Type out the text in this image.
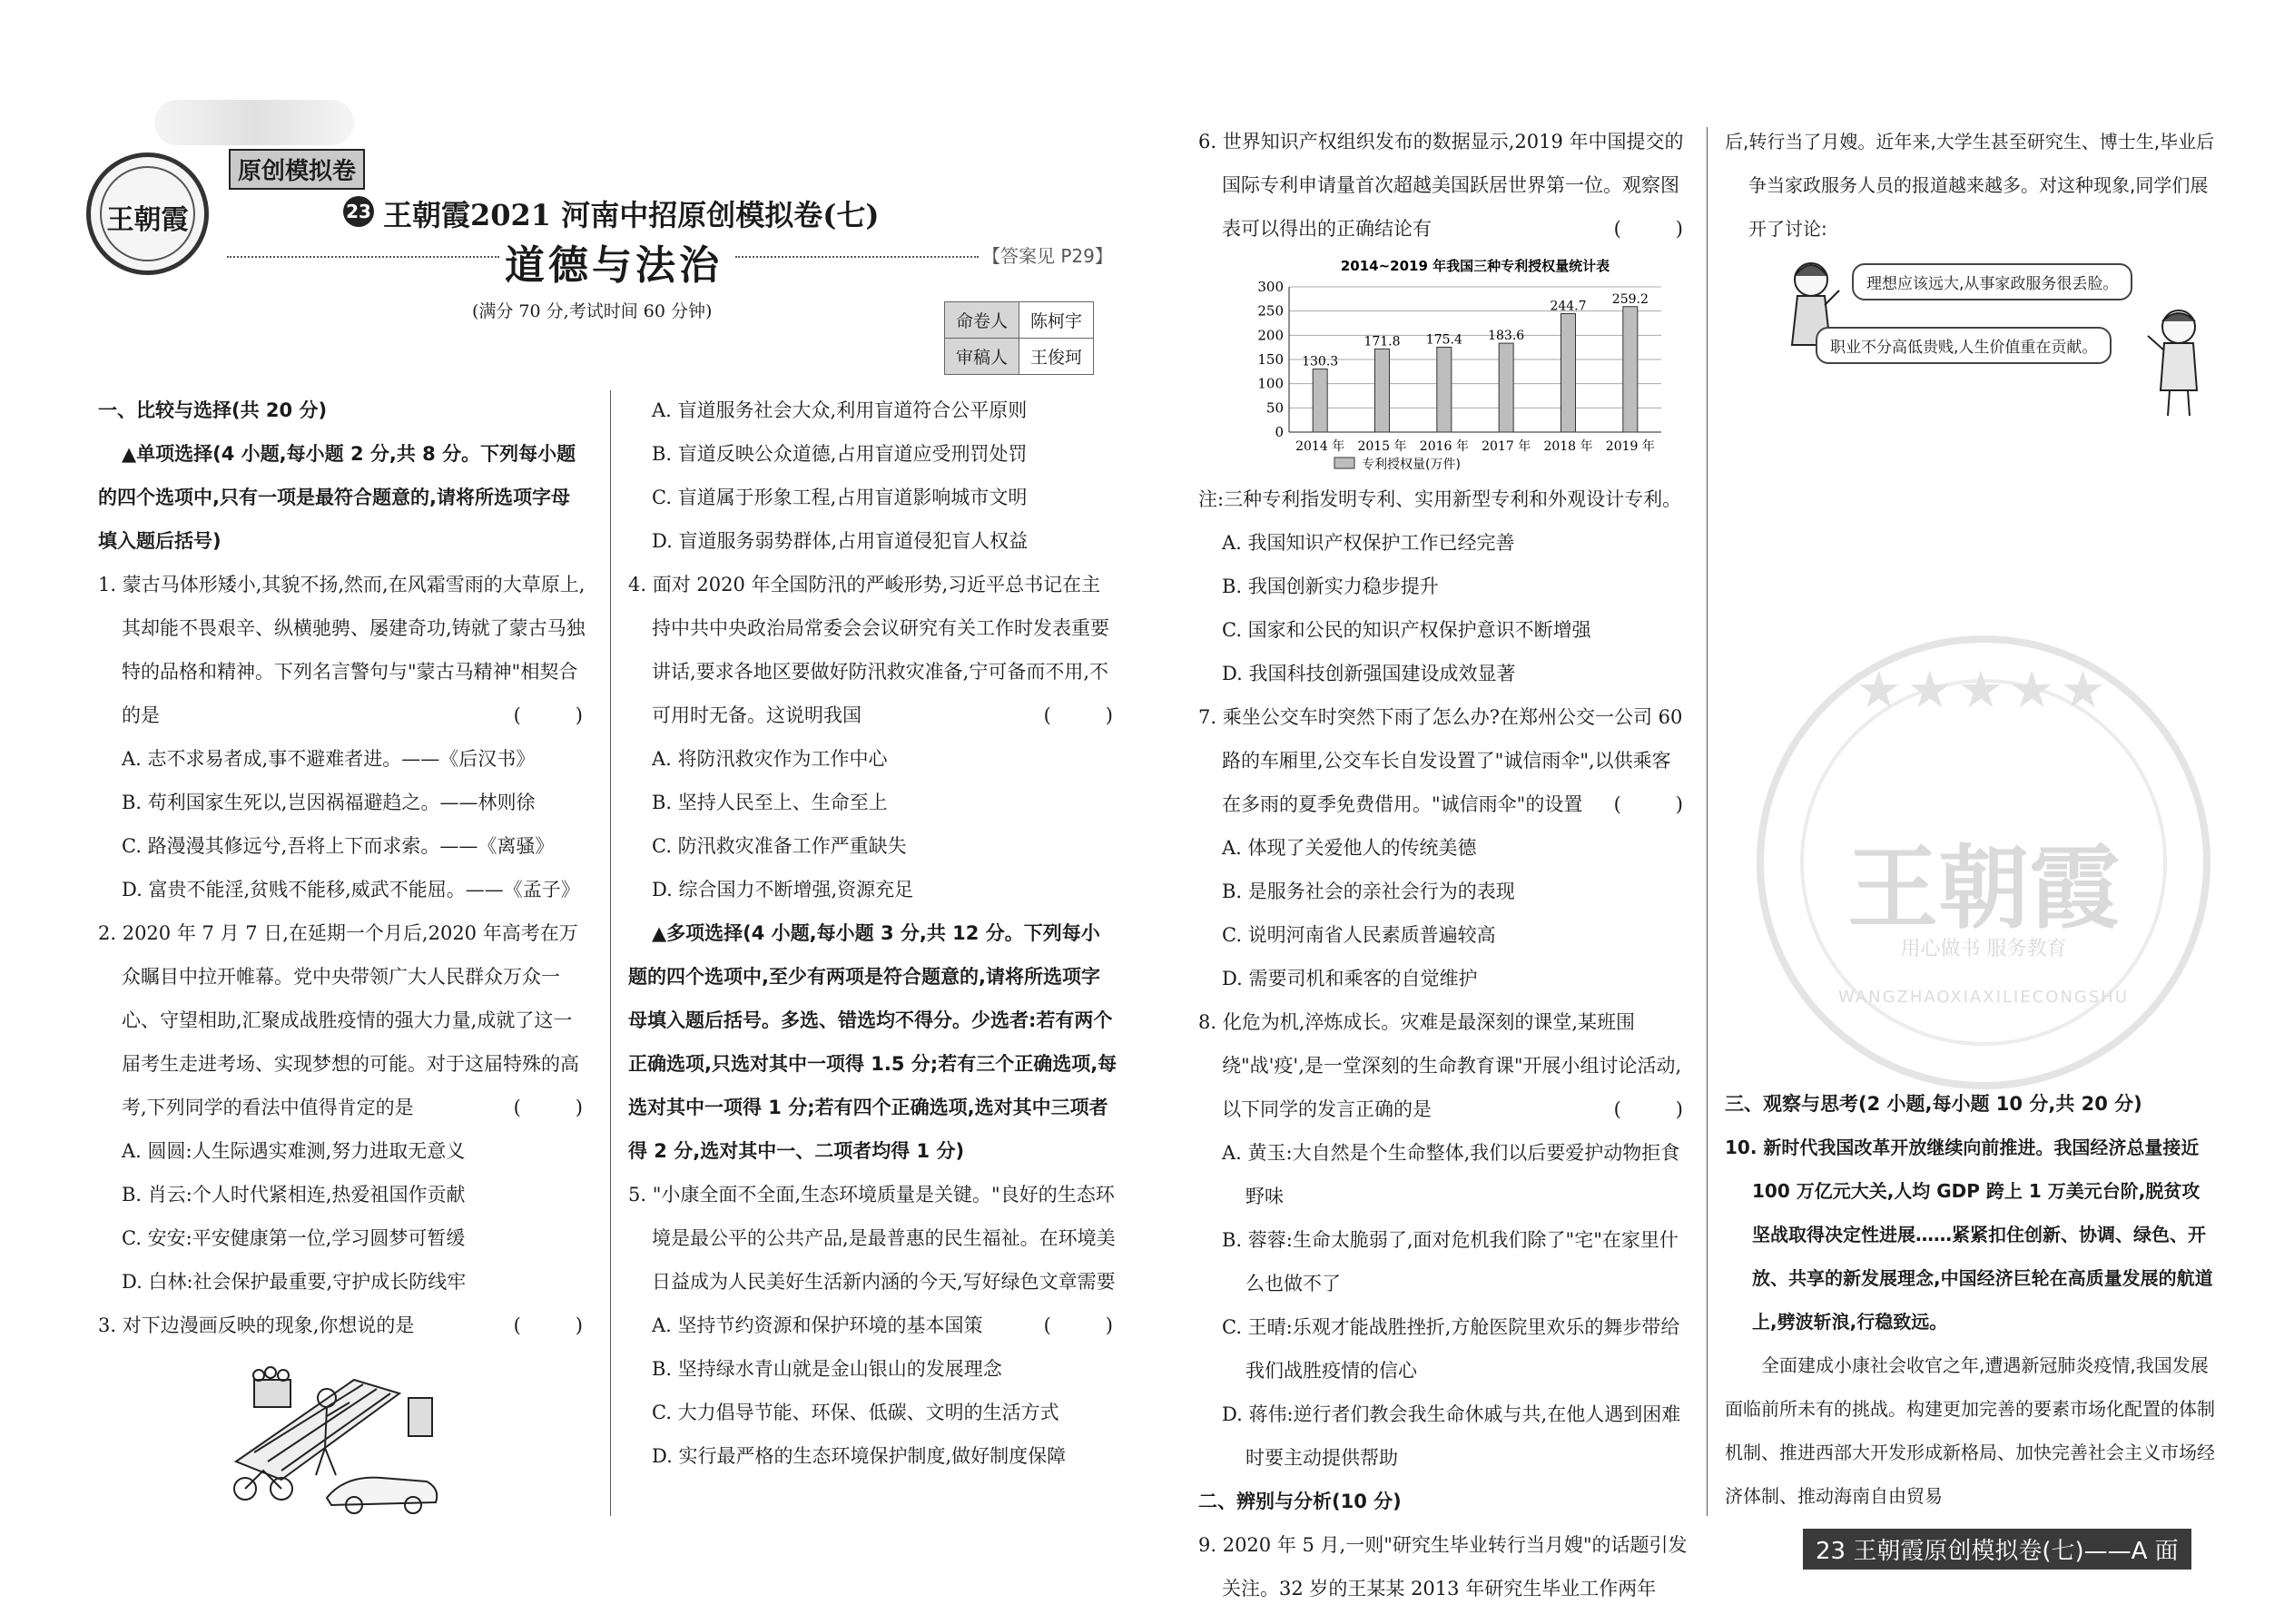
王朝霞
原创模拟卷
23 王朝霞2021 河南中招原创模拟卷(七)
道德与法治	【答案见 P29】
(满分 70 分,考试时间 60 分钟)	命卷人	陈柯宇
审稿人	王俊珂

一、比较与选择(共 20 分)

▲单项选择(4 小题,每小题 2 分,共 8 分。下列每小题的四个选项中,只有一项是最符合题意的,请将所选项字母填入题后括号)

1. 蒙古马体形矮小,其貌不扬,然而,在风霜雪雨的大草原上,其却能不畏艰辛、纵横驰骋、屡建奇功,铸就了蒙古马独特的品格和精神。下列名言警句与"蒙古马精神"相契合的是	(　　)

A. 志不求易者成,事不避难者进。——《后汉书》

B. 苟利国家生死以,岂因祸福避趋之。——林则徐

C. 路漫漫其修远兮,吾将上下而求索。——《离骚》

D. 富贵不能淫,贫贱不能移,威武不能屈。——《孟子》

2. 2020 年 7 月 7 日,在延期一个月后,2020 年高考在万众瞩目中拉开帷幕。党中央带领广大人民群众万众一心、守望相助,汇聚成战胜疫情的强大力量,成就了这一届考生走进考场、实现梦想的可能。对于这届特殊的高考,下列同学的看法中值得肯定的是	(　　)

A. 圆圆:人生际遇实难测,努力进取无意义

B. 肖云:个人时代紧相连,热爱祖国作贡献

C. 安安:平安健康第一位,学习圆梦可暂缓

D. 白林:社会保护最重要,守护成长防线牢

3. 对下边漫画反映的现象,你想说的是	(　　)

A. 盲道服务社会大众,利用盲道符合公平原则

B. 盲道反映公众道德,占用盲道应受刑罚处罚

C. 盲道属于形象工程,占用盲道影响城市文明

D. 盲道服务弱势群体,占用盲道侵犯盲人权益

4. 面对 2020 年全国防汛的严峻形势,习近平总书记在主持中共中央政治局常委会会议研究有关工作时发表重要讲话,要求各地区要做好防汛救灾准备,宁可备而不用,不可用时无备。这说明我国	(　　)

A. 将防汛救灾作为工作中心

B. 坚持人民至上、生命至上

C. 防汛救灾准备工作严重缺失

D. 综合国力不断增强,资源充足

▲多项选择(4 小题,每小题 3 分,共 12 分。下列每小题的四个选项中,至少有两项是符合题意的,请将所选项字母填入题后括号。多选、错选均不得分。少选者:若有两个正确选项,只选对其中一项得 1.5 分;若有三个正确选项,每选对其中一项得 1 分;若有四个正确选项,选对其中三项者得 2 分,选对其中一、二项者均得 1 分)

5. "小康全面不全面,生态环境质量是关键。"良好的生态环境是最公平的公共产品,是最普惠的民生福祉。在环境美日益成为人民美好生活新内涵的今天,写好绿色文章需要
(　　)

A. 坚持节约资源和保护环境的基本国策

B. 坚持绿水青山就是金山银山的发展理念

C. 大力倡导节能、环保、低碳、文明的生活方式

D. 实行最严格的生态环境保护制度,做好制度保障

6. 世界知识产权组织发布的数据显示,2019 年中国提交的国际专利申请量首次超越美国跃居世界第一位。观察图表可以得出的正确结论有	(　　)

2014~2019 年我国三种专利授权量统计表
0
50
100
150
200
250
300
130.3
2014 年
171.8
2015 年
175.4
2016 年
183.6
2017 年
244.7
2018 年
259.2
2019 年
专利授权量(万件)

注:三种专利指发明专利、实用新型专利和外观设计专利。

A. 我国知识产权保护工作已经完善

B. 我国创新实力稳步提升

C. 国家和公民的知识产权保护意识不断增强

D. 我国科技创新强国建设成效显著

7. 乘坐公交车时突然下雨了怎么办?在郑州公交一公司 60 路的车厢里,公交车长自发设置了"诚信雨伞",以供乘客在多雨的夏季免费借用。"诚信雨伞"的设置 (　　)

A. 体现了关爱他人的传统美德

B. 是服务社会的亲社会行为的表现

C. 说明河南省人民素质普遍较高

D. 需要司机和乘客的自觉维护

8. 化危为机,淬炼成长。灾难是最深刻的课堂,某班围绕"战'疫',是一堂深刻的生命教育课"开展小组讨论活动,以下同学的发言正确的是	(　　)

A. 黄玉:大自然是个生命整体,我们以后要爱护动物拒食野味

B. 蓉蓉:生命太脆弱了,面对危机我们除了"宅"在家里什么也做不了

C. 王晴:乐观才能战胜挫折,方舱医院里欢乐的舞步带给我们战胜疫情的信心

D. 蒋伟:逆行者们教会我生命休戚与共,在他人遇到困难时要主动提供帮助

二、辨别与分析(10 分)

9. 2020 年 5 月,一则"研究生毕业转行当月嫂"的话题引发关注。32 岁的王某某 2013 年研究生毕业工作两年

后,转行当了月嫂。近年来,大学生甚至研究生、博士生,毕业后争当家政服务人员的报道越来越多。对这种现象,同学们展开了讨论:

理想应该远大,从事家政服务很丢脸。
职业不分高低贵贱,人生价值重在贡献。
★★★★★
王朝霞
用心做书 服务教育
WANGZHAOXIAXILIECONGSHU

三、观察与思考(2 小题,每小题 10 分,共 20 分)

10. 新时代我国改革开放继续向前推进。我国经济总量接近 100 万亿元大关,人均 GDP 跨上 1 万美元台阶,脱贫攻坚战取得决定性进展……紧紧扣住创新、协调、绿色、开放、共享的新发展理念,中国经济巨轮在高质量发展的航道上,劈波斩浪,行稳致远。

全面建成小康社会收官之年,遭遇新冠肺炎疫情,我国发展面临前所未有的挑战。构建更加完善的要素市场化配置的体制机制、推进西部大开发形成新格局、加快完善社会主义市场经济体制、推动海南自由贸易

23 王朝霞原创模拟卷(七)——A 面
